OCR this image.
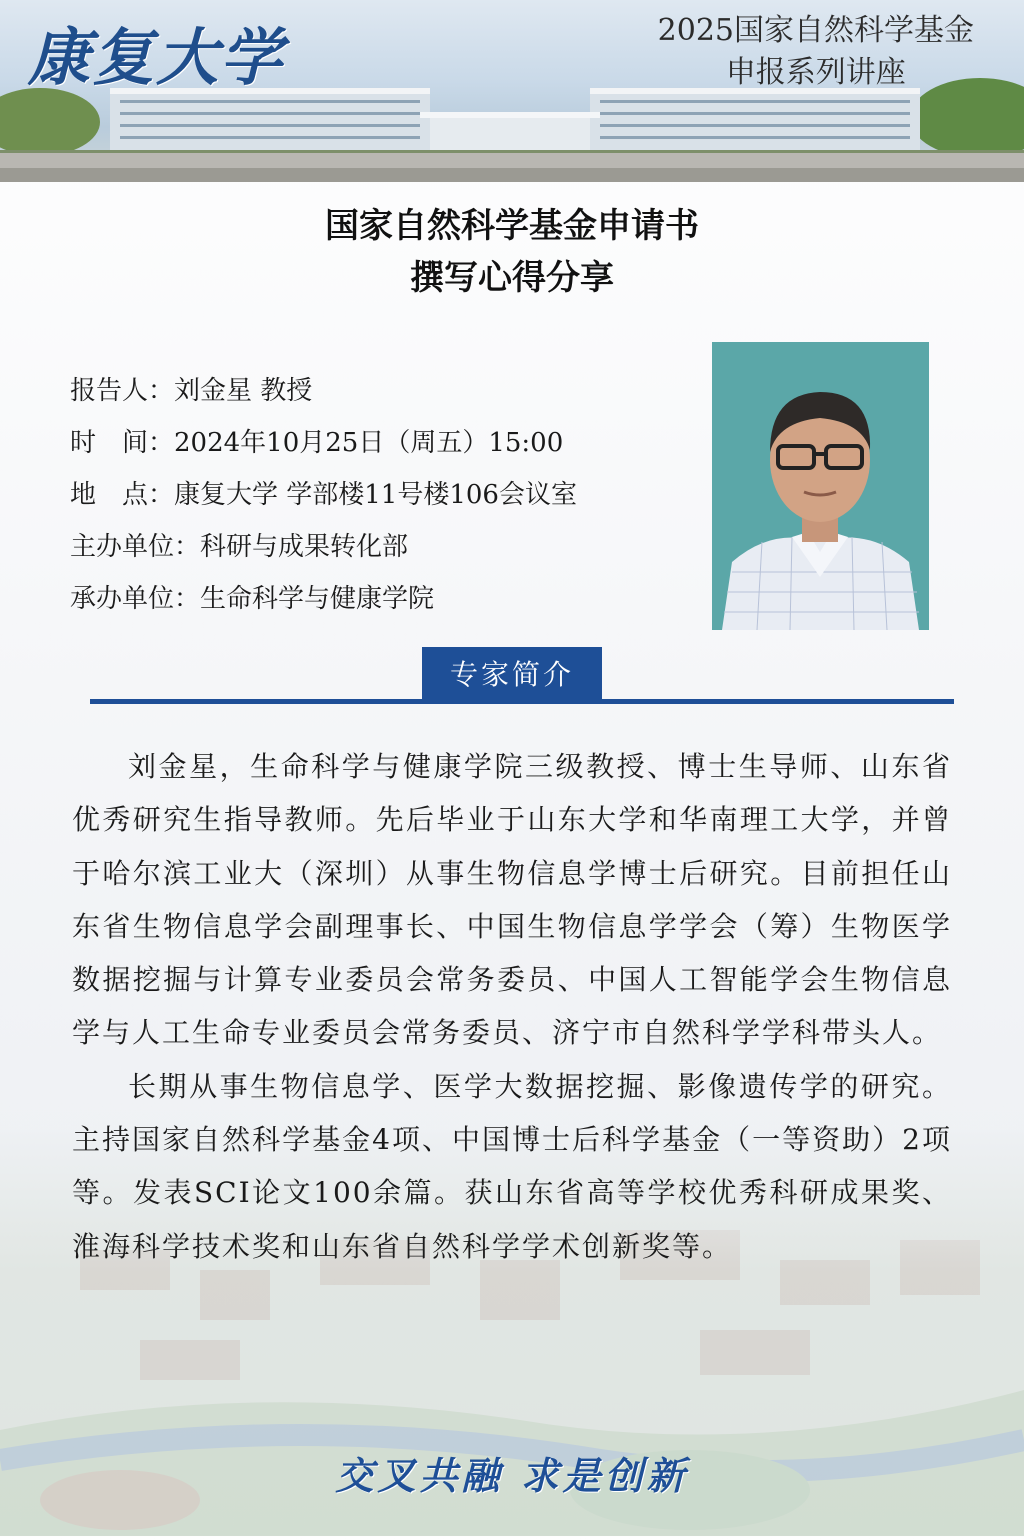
康复大学	2025国家自然科学基金
申报系列讲座
国家自然科学基金申请书
撰写心得分享
报告人：刘金星 教授
时　间：2024年10月25日（周五）15:00
地　点：康复大学 学部楼11号楼106会议室
主办单位：科研与成果转化部
承办单位：生命科学与健康学院
专家简介

刘金星，生命科学与健康学院三级教授、博士生导师、山东省优秀研究生指导教师。先后毕业于山东大学和华南理工大学，并曾于哈尔滨工业大（深圳）从事生物信息学博士后研究。目前担任山东省生物信息学会副理事长、中国生物信息学学会（筹）生物医学数据挖掘与计算专业委员会常务委员、中国人工智能学会生物信息学与人工生命专业委员会常务委员、济宁市自然科学学科带头人。

长期从事生物信息学、医学大数据挖掘、影像遗传学的研究。主持国家自然科学基金4项、中国博士后科学基金（一等资助）2项等。发表SCI论文100余篇。获山东省高等学校优秀科研成果奖、淮海科学技术奖和山东省自然科学学术创新奖等。

交叉共融 求是创新
